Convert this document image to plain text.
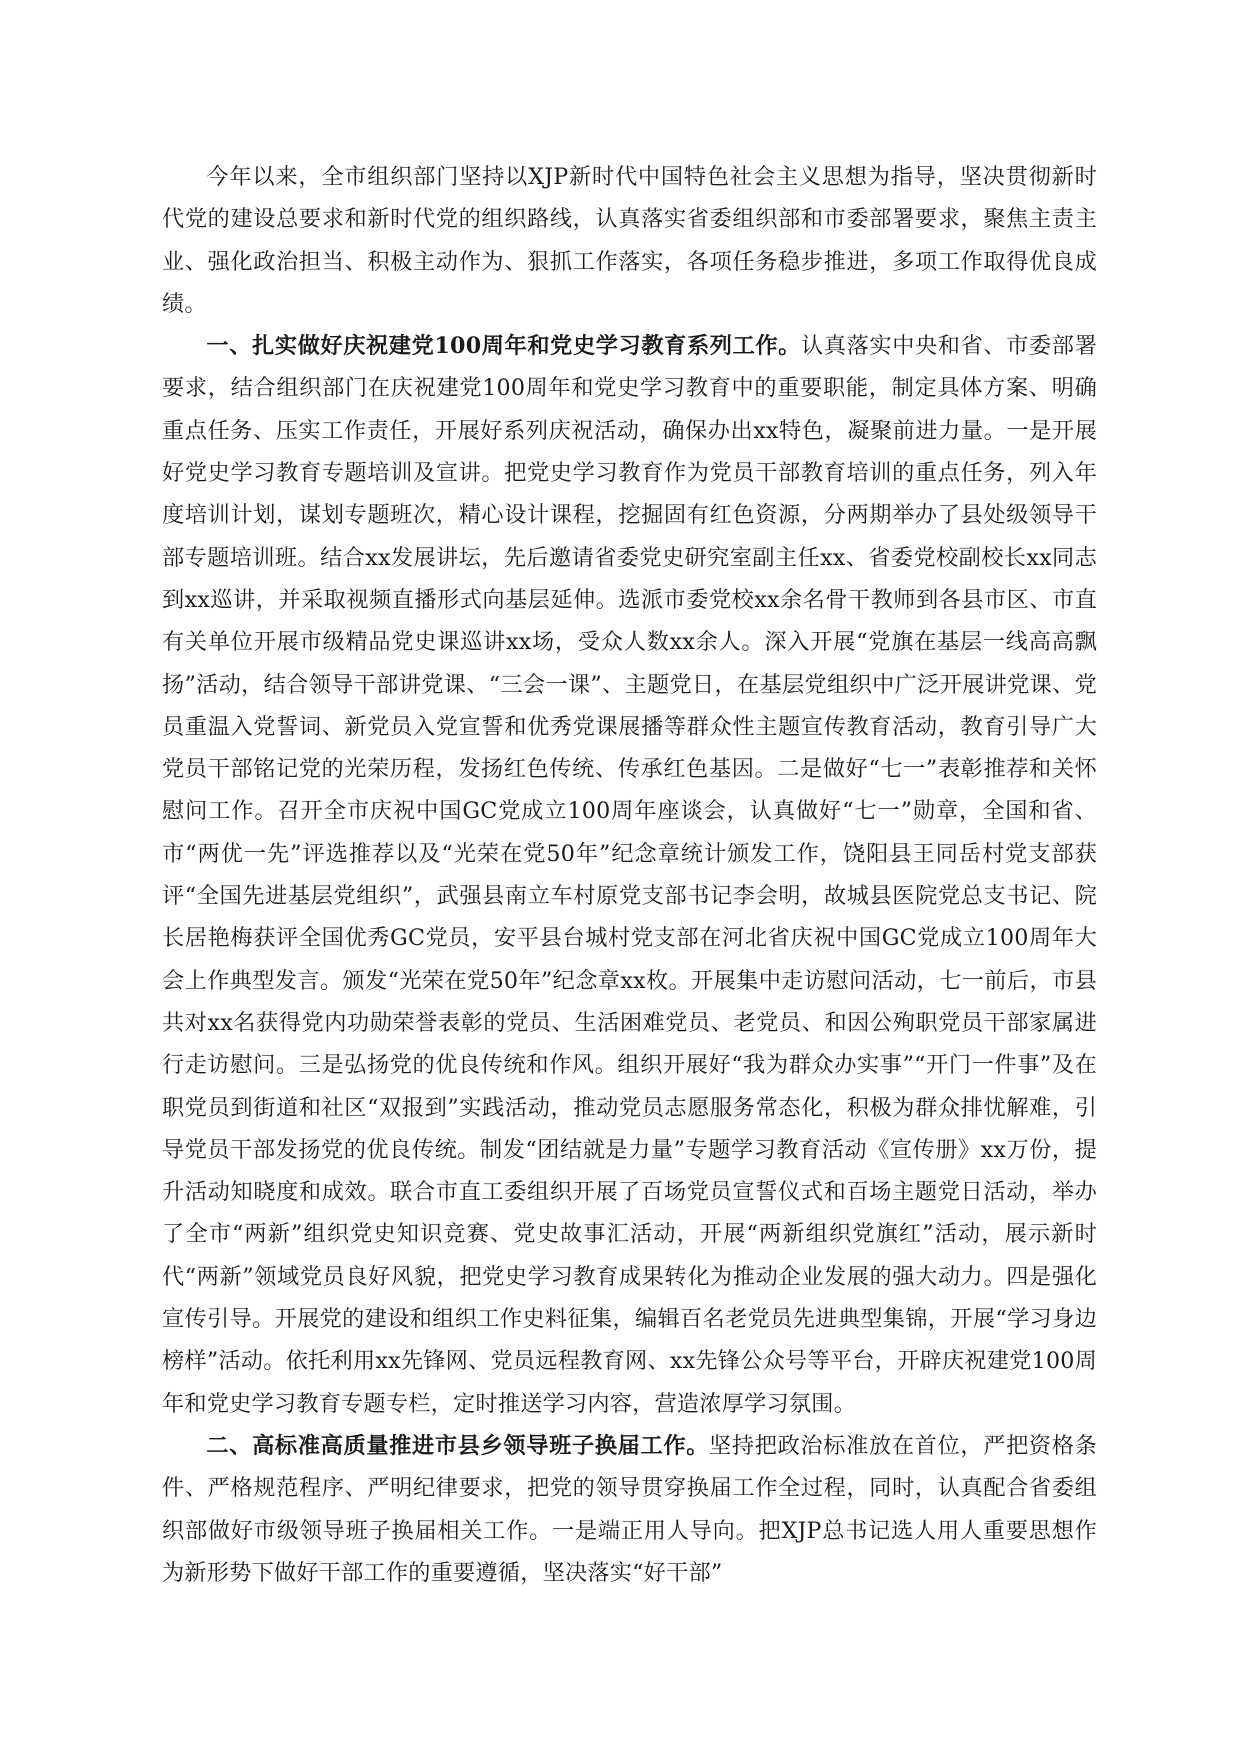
今年以来，全市组织部门坚持以XJP新时代中国特色社会主义思想为指导，坚决贯彻新时代党的建设总要求和新时代党的组织路线，认真落实省委组织部和市委部署要求，聚焦主责主业、强化政治担当、积极主动作为、狠抓工作落实，各项任务稳步推进，多项工作取得优良成绩。

一、扎实做好庆祝建党100周年和党史学习教育系列工作。认真落实中央和省、市委部署要求，结合组织部门在庆祝建党100周年和党史学习教育中的重要职能，制定具体方案、明确重点任务、压实工作责任，开展好系列庆祝活动，确保办出xx特色，凝聚前进力量。一是开展好党史学习教育专题培训及宣讲。把党史学习教育作为党员干部教育培训的重点任务，列入年度培训计划，谋划专题班次，精心设计课程，挖掘固有红色资源，分两期举办了县处级领导干部专题培训班。结合xx发展讲坛，先后邀请省委党史研究室副主任xx、省委党校副校长xx同志到xx巡讲，并采取视频直播形式向基层延伸。选派市委党校xx余名骨干教师到各县市区、市直有关单位开展市级精品党史课巡讲xx场，受众人数xx余人。深入开展“党旗在基层一线高高飘扬”活动，结合领导干部讲党课、“三会一课”、主题党日，在基层党组织中广泛开展讲党课、党员重温入党誓词、新党员入党宣誓和优秀党课展播等群众性主题宣传教育活动，教育引导广大党员干部铭记党的光荣历程，发扬红色传统、传承红色基因。二是做好“七一”表彰推荐和关怀慰问工作。召开全市庆祝中国GC党成立100周年座谈会，认真做好“七一”勋章，全国和省、市“两优一先”评选推荐以及“光荣在党50年”纪念章统计颁发工作，饶阳县王同岳村党支部获评“全国先进基层党组织”，武强县南立车村原党支部书记李会明，故城县医院党总支书记、院长居艳梅获评全国优秀GC党员，安平县台城村党支部在河北省庆祝中国GC党成立100周年大会上作典型发言。颁发“光荣在党50年”纪念章xx枚。开展集中走访慰问活动，七一前后，市县共对xx名获得党内功勋荣誉表彰的党员、生活困难党员、老党员、和因公殉职党员干部家属进行走访慰问。三是弘扬党的优良传统和作风。组织开展好“我为群众办实事”“开门一件事”及在职党员到街道和社区“双报到”实践活动，推动党员志愿服务常态化，积极为群众排忧解难，引导党员干部发扬党的优良传统。制发“团结就是力量”专题学习教育活动《宣传册》xx万份，提升活动知晓度和成效。联合市直工委组织开展了百场党员宣誓仪式和百场主题党日活动，举办了全市“两新”组织党史知识竞赛、党史故事汇活动，开展“两新组织党旗红”活动，展示新时代“两新”领域党员良好风貌，把党史学习教育成果转化为推动企业发展的强大动力。四是强化宣传引导。开展党的建设和组织工作史料征集，编辑百名老党员先进典型集锦，开展“学习身边榜样”活动。依托利用xx先锋网、党员远程教育网、xx先锋公众号等平台，开辟庆祝建党100周年和党史学习教育专题专栏，定时推送学习内容，营造浓厚学习氛围。

二、高标准高质量推进市县乡领导班子换届工作。坚持把政治标准放在首位，严把资格条件、严格规范程序、严明纪律要求，把党的领导贯穿换届工作全过程，同时，认真配合省委组织部做好市级领导班子换届相关工作。一是端正用人导向。把XJP总书记选人用人重要思想作为新形势下做好干部工作的重要遵循，坚决落实“好干部”
